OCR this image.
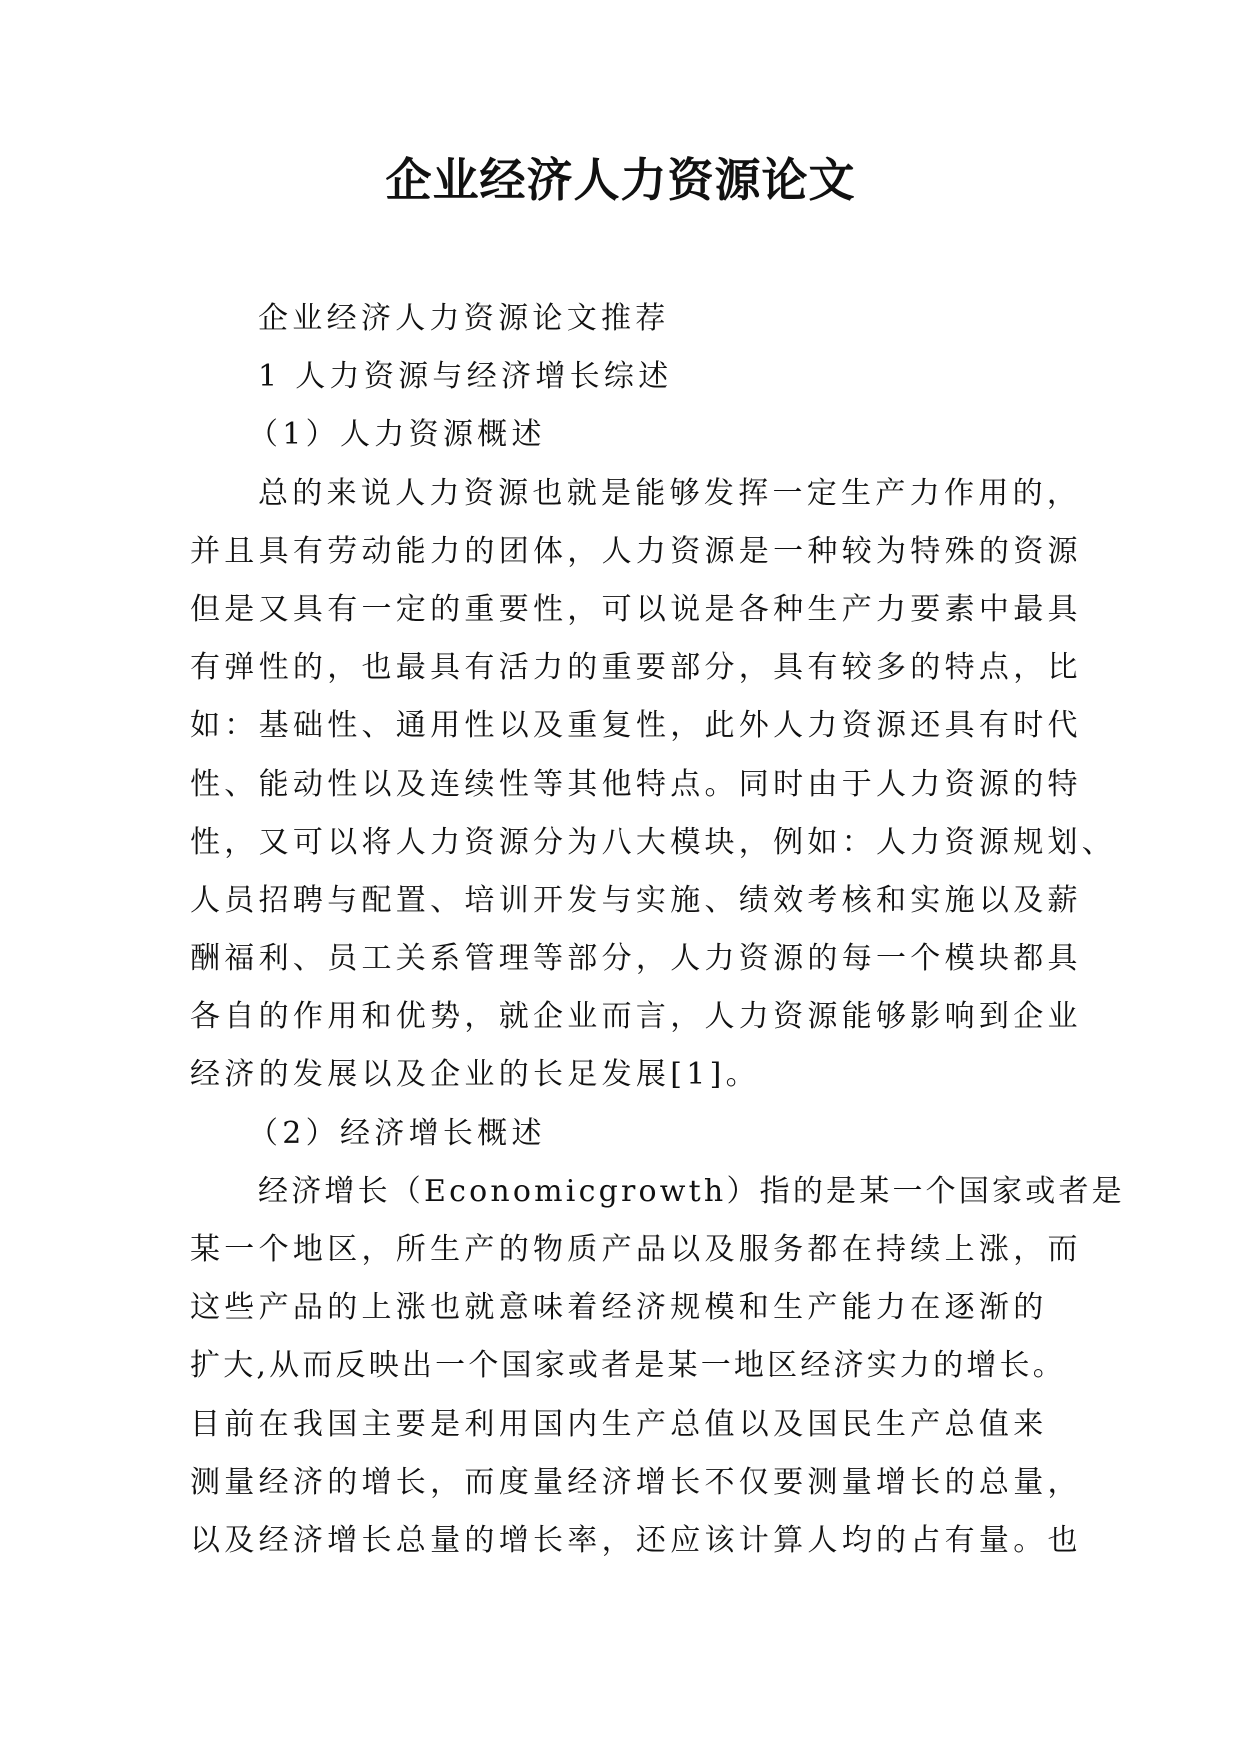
企业经济人力资源论文

企业经济人力资源论文推荐

1 人力资源与经济增长综述

（1）人力资源概述

总的来说人力资源也就是能够发挥一定生产力作用的，

并且具有劳动能力的团体，人力资源是一种较为特殊的资源

但是又具有一定的重要性，可以说是各种生产力要素中最具

有弹性的，也最具有活力的重要部分，具有较多的特点，比

如：基础性、通用性以及重复性，此外人力资源还具有时代

性、能动性以及连续性等其他特点。同时由于人力资源的特

性，又可以将人力资源分为八大模块，例如：人力资源规划、

人员招聘与配置、培训开发与实施、绩效考核和实施以及薪

酬福利、员工关系管理等部分，人力资源的每一个模块都具

各自的作用和优势，就企业而言，人力资源能够影响到企业

经济的发展以及企业的长足发展[1]。

（2）经济增长概述

经济增长（Economicgrowth）指的是某一个国家或者是

某一个地区，所生产的物质产品以及服务都在持续上涨，而

这些产品的上涨也就意味着经济规模和生产能力在逐渐的

扩大,从而反映出一个国家或者是某一地区经济实力的增长。

目前在我国主要是利用国内生产总值以及国民生产总值来

测量经济的增长，而度量经济增长不仅要测量增长的总量，

以及经济增长总量的增长率，还应该计算人均的占有量。也
